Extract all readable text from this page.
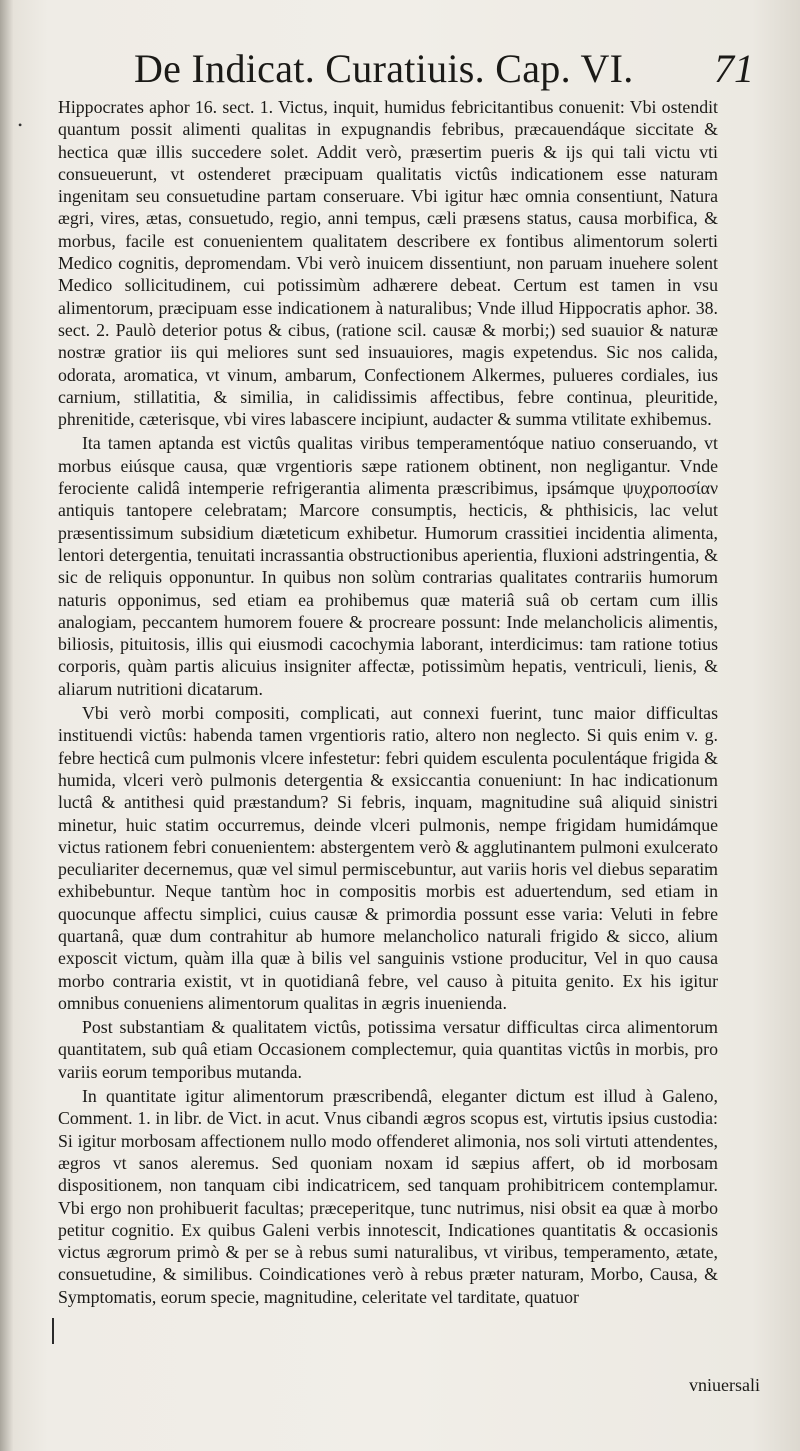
•
De Indicat. Curatiuis. Cap. VI. 71

Hippocrates aphor 16. sect. 1. Victus, inquit, humidus febricitantibus conuenit: Vbi ostendit quantum possit alimenti qualitas in expugnandis febribus, præcauendáque siccitate & hectica quæ illis succedere solet. Addit verò, præsertim pueris & ijs qui tali victu vti consueuerunt, vt ostenderet præcipuam qualitatis victûs indicationem esse naturam ingenitam seu consuetudine partam conseruare. Vbi igitur hæc omnia consentiunt, Natura ægri, vires, ætas, consuetudo, regio, anni tempus, cæli præsens status, causa morbifica, & morbus, facile est conuenientem qualitatem describere ex fontibus alimentorum solerti Medico cognitis, depromendam. Vbi verò inuicem dissentiunt, non paruam inuehere solent Medico sollicitudinem, cui potissimùm adhærere debeat. Certum est tamen in vsu alimentorum, præcipuam esse indicationem à naturalibus; Vnde illud Hippocratis aphor. 38. sect. 2. Paulò deterior potus & cibus, (ratione scil. causæ & morbi;) sed suauior & naturæ nostræ gratior iis qui meliores sunt sed insuauiores, magis expetendus. Sic nos calida, odorata, aromatica, vt vinum, ambarum, Confectionem Alkermes, pulueres cordiales, ius carnium, stillatitia, & similia, in calidissimis affectibus, febre continua, pleuritide, phrenitide, cæterisque, vbi vires labascere incipiunt, audacter & summa vtilitate exhibemus.

Ita tamen aptanda est victûs qualitas viribus temperamentóque natiuo conseruando, vt morbus eiúsque causa, quæ vrgentioris sæpe rationem obtinent, non negligantur. Vnde ferociente calidâ intemperie refrigerantia alimenta præscribimus, ipsámque ψυχροποσίαν antiquis tantopere celebratam; Marcore consumptis, hecticis, & phthisicis, lac velut præsentissimum subsidium diæteticum exhibetur. Humorum crassitiei incidentia alimenta, lentori detergentia, tenuitati incrassantia obstructionibus aperientia, fluxioni adstringentia, & sic de reliquis opponuntur. In quibus non solùm contrarias qualitates contrariis humorum naturis opponimus, sed etiam ea prohibemus quæ materiâ suâ ob certam cum illis analogiam, peccantem humorem fouere & procreare possunt: Inde melancholicis alimentis, biliosis, pituitosis, illis qui eiusmodi cacochymia laborant, interdicimus: tam ratione totius corporis, quàm partis alicuius insigniter affectæ, potissimùm hepatis, ventriculi, lienis, & aliarum nutritioni dicatarum.

Vbi verò morbi compositi, complicati, aut connexi fuerint, tunc maior difficultas instituendi victûs: habenda tamen vrgentioris ratio, altero non neglecto. Si quis enim v. g. febre hecticâ cum pulmonis vlcere infestetur: febri quidem esculenta poculentáque frigida & humida, vlceri verò pulmonis detergentia & exsiccantia conueniunt: In hac indicationum luctâ & antithesi quid præstandum? Si febris, inquam, magnitudine suâ aliquid sinistri minetur, huic statim occurremus, deinde vlceri pulmonis, nempe frigidam humidámque victus rationem febri conuenientem: abstergentem verò & agglutinantem pulmoni exulcerato peculiariter decernemus, quæ vel simul permiscebuntur, aut variis horis vel diebus separatim exhibebuntur. Neque tantùm hoc in compositis morbis est aduertendum, sed etiam in quocunque affectu simplici, cuius causæ & primordia possunt esse varia: Veluti in febre quartanâ, quæ dum contrahitur ab humore melancholico naturali frigido & sicco, alium exposcit victum, quàm illa quæ à bilis vel sanguinis vstione producitur, Vel in quo causa morbo contraria existit, vt in quotidianâ febre, vel causo à pituita genito. Ex his igitur omnibus conueniens alimentorum qualitas in ægris inuenienda.

Post substantiam & qualitatem victûs, potissima versatur difficultas circa alimentorum quantitatem, sub quâ etiam Occasionem complectemur, quia quantitas victûs in morbis, pro variis eorum temporibus mutanda.

In quantitate igitur alimentorum præscribendâ, eleganter dictum est illud à Galeno, Comment. 1. in libr. de Vict. in acut. Vnus cibandi ægros scopus est, virtutis ipsius custodia: Si igitur morbosam affectionem nullo modo offenderet alimonia, nos soli virtuti attendentes, ægros vt sanos aleremus. Sed quoniam noxam id sæpius affert, ob id morbosam dispositionem, non tanquam cibi indicatricem, sed tanquam prohibitricem contemplamur. Vbi ergo non prohibuerit facultas; præceperitque, tunc nutrimus, nisi obsit ea quæ à morbo petitur cognitio. Ex quibus Galeni verbis innotescit, Indicationes quantitatis & occasionis victus ægrorum primò & per se à rebus sumi naturalibus, vt viribus, temperamento, ætate, consuetudine, & similibus. Coindicationes verò à rebus præter naturam, Morbo, Causa, & Symptomatis, eorum specie, magnitudine, celeritate vel tarditate, quatuor

vniuersali
